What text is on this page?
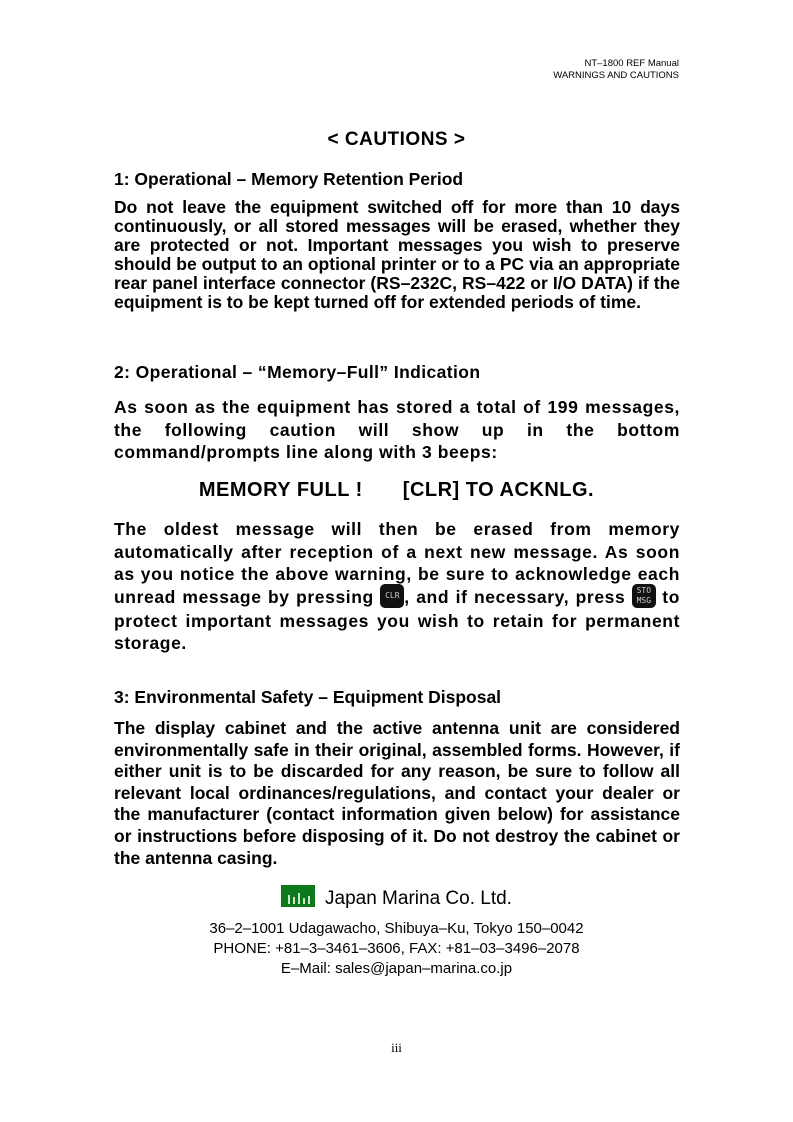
NT–1800 REF Manual
WARNINGS AND CAUTIONS
< CAUTIONS >
1: Operational – Memory Retention Period
Do not leave the equipment switched off for more than 10 days continuously, or all stored messages will be erased, whether they are protected or not. Important messages you wish to preserve should be output to an optional printer or to a PC via an appropriate rear panel interface connector (RS–232C, RS–422 or I/O DATA) if the equipment is to be kept turned off for extended periods of time.
2: Operational – “Memory–Full” Indication
As soon as the equipment has stored a total of 199 messages, the following caution will show up in the bottom command/prompts line along with 3 beeps:
MEMORY FULL ! [CLR] TO ACKNLG.
The oldest message will then be erased from memory automatically after reception of a next new message. As soon as you notice the above warning, be sure to acknowledge each unread message by pressing	CLR , and if necessary, press	STO
MSG to protect important messages you wish to retain for permanent storage.
3: Environmental Safety – Equipment Disposal
The display cabinet and the active antenna unit are considered environmentally safe in their original, assembled forms. However, if either unit is to be discarded for any reason, be sure to follow all relevant local ordinances/regulations, and contact your dealer or the manufacturer (contact information given below) for assistance or instructions before disposing of it. Do not destroy the cabinet or the antenna casing.
Japan Marina Co. Ltd.
36–2–1001 Udagawacho, Shibuya–Ku, Tokyo 150–0042
PHONE: +81–3–3461–3606, FAX: +81–03–3496–2078
E–Mail: sales@japan–marina.co.jp
iii
